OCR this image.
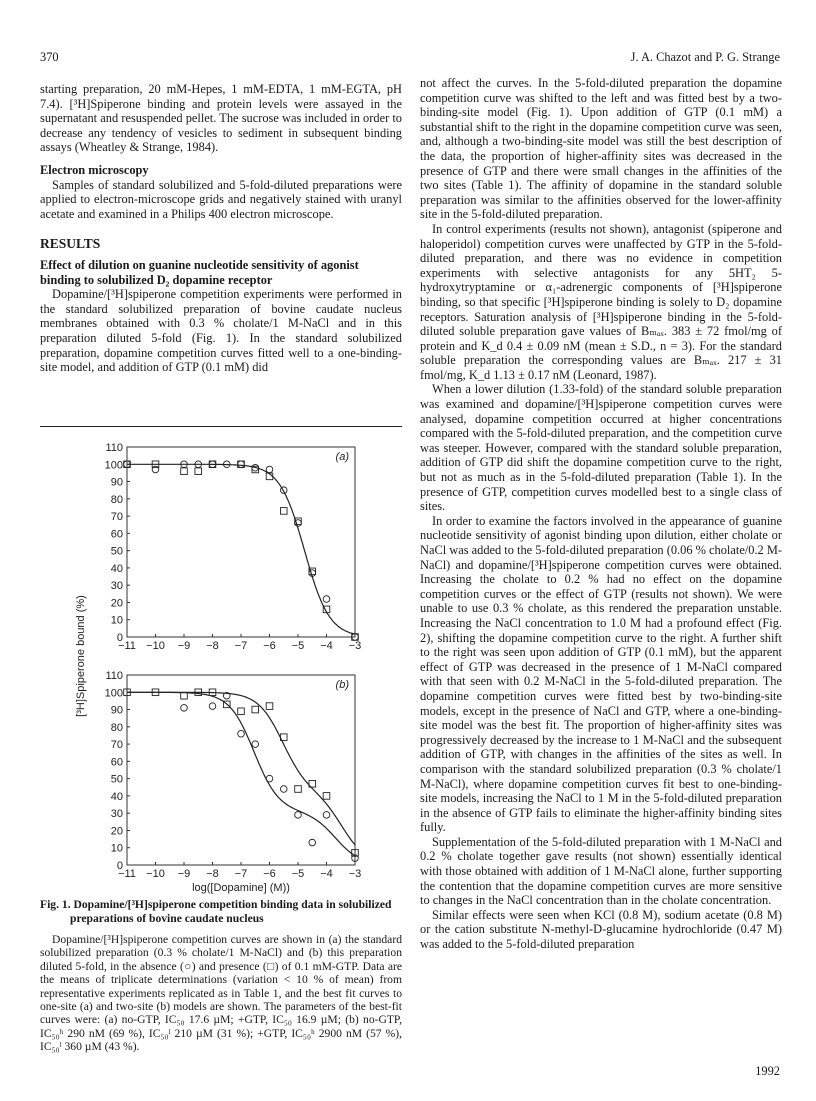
370	J. A. Chazot and P. G. Strange

starting preparation, 20 mM-Hepes, 1 mM-EDTA, 1 mM-EGTA, pH 7.4). [³H]Spiperone binding and protein levels were assayed in the supernatant and resuspended pellet. The sucrose was included in order to decrease any tendency of vesicles to sediment in subsequent binding assays (Wheatley & Strange, 1984).

Electron microscopy

Samples of standard solubilized and 5-fold-diluted preparations were applied to electron-microscope grids and negatively stained with uranyl acetate and examined in a Philips 400 electron microscope.

RESULTS
Effect of dilution on guanine nucleotide sensitivity of agonist binding to solubilized D₂ dopamine receptor

Dopamine/[³H]spiperone competition experiments were performed in the standard solubilized preparation of bovine caudate nucleus membranes obtained with 0.3 % cholate/1 M-NaCl and in this preparation diluted 5-fold (Fig. 1). In the standard solubilized preparation, dopamine competition curves fitted well to a one-binding-site model, and addition of GTP (0.1 mM) did

0
10
20
30
40
50
60
70
80
90
100
110
−11 −10 −9 −8 −7 −6 −5 −4 −3
(a)
0
10
20
30
40
50
60
70
80
90
100
110
−11 −10 −9 −8 −7 −6 −5 −4 −3
(b)
[³H]Spiperone bound (%)
log([Dopamine] (M))
Fig. 1. Dopamine/[³H]spiperone competition binding data in solubilized preparations of bovine caudate nucleus

Dopamine/[³H]spiperone competition curves are shown in (a) the standard solubilized preparation (0.3 % cholate/1 M-NaCl) and (b) this preparation diluted 5-fold, in the absence (○) and presence (□) of 0.1 mM-GTP. Data are the means of triplicate determinations (variation < 10 % of mean) from representative experiments replicated as in Table 1, and the best fit curves to one-site (a) and two-site (b) models are shown. The parameters of the best-fit curves were: (a) no-GTP, IC₅₀ 17.6 µM; +GTP, IC₅₀ 16.9 µM; (b) no-GTP, IC₅₀ʰ 290 nM (69 %), IC₅₀ˡ 210 µM (31 %); +GTP, IC₅₀ʰ 2900 nM (57 %), IC₅₀ˡ 360 µM (43 %).

not affect the curves. In the 5-fold-diluted preparation the dopamine competition curve was shifted to the left and was fitted best by a two-binding-site model (Fig. 1). Upon addition of GTP (0.1 mM) a substantial shift to the right in the dopamine competition curve was seen, and, although a two-binding-site model was still the best description of the data, the proportion of higher-affinity sites was decreased in the presence of GTP and there were small changes in the affinities of the two sites (Table 1). The affinity of dopamine in the standard soluble preparation was similar to the affinities observed for the lower-affinity site in the 5-fold-diluted preparation.

In control experiments (results not shown), antagonist (spiperone and haloperidol) competition curves were unaffected by GTP in the 5-fold-diluted preparation, and there was no evidence in competition experiments with selective antagonists for any 5HT₂ 5-hydroxytryptamine or α₁-adrenergic components of [³H]spiperone binding, so that specific [³H]spiperone binding is solely to D₂ dopamine receptors. Saturation analysis of [³H]spiperone binding in the 5-fold-diluted soluble preparation gave values of Bₘₐₓ. 383 ± 72 fmol/mg of protein and K_d 0.4 ± 0.09 nM (mean ± S.D., n = 3). For the standard soluble preparation the corresponding values are Bₘₐₓ. 217 ± 31 fmol/mg, K_d 1.13 ± 0.17 nM (Leonard, 1987).

When a lower dilution (1.33-fold) of the standard soluble preparation was examined and dopamine/[³H]spiperone competition curves were analysed, dopamine competition occurred at higher concentrations compared with the 5-fold-diluted preparation, and the competition curve was steeper. However, compared with the standard soluble preparation, addition of GTP did shift the dopamine competition curve to the right, but not as much as in the 5-fold-diluted preparation (Table 1). In the presence of GTP, competition curves modelled best to a single class of sites.

In order to examine the factors involved in the appearance of guanine nucleotide sensitivity of agonist binding upon dilution, either cholate or NaCl was added to the 5-fold-diluted preparation (0.06 % cholate/0.2 M-NaCl) and dopamine/[³H]spiperone competition curves were obtained. Increasing the cholate to 0.2 % had no effect on the dopamine competition curves or the effect of GTP (results not shown). We were unable to use 0.3 % cholate, as this rendered the preparation unstable. Increasing the NaCl concentration to 1.0 M had a profound effect (Fig. 2), shifting the dopamine competition curve to the right. A further shift to the right was seen upon addition of GTP (0.1 mM), but the apparent effect of GTP was decreased in the presence of 1 M-NaCl compared with that seen with 0.2 M-NaCl in the 5-fold-diluted preparation. The dopamine competition curves were fitted best by two-binding-site models, except in the presence of NaCl and GTP, where a one-binding-site model was the best fit. The proportion of higher-affinity sites was progressively decreased by the increase to 1 M-NaCl and the subsequent addition of GTP, with changes in the affinities of the sites as well. In comparison with the standard solubilized preparation (0.3 % cholate/1 M-NaCl), where dopamine competition curves fit best to one-binding-site models, increasing the NaCl to 1 M in the 5-fold-diluted preparation in the absence of GTP fails to eliminate the higher-affinity binding sites fully.

Supplementation of the 5-fold-diluted preparation with 1 M-NaCl and 0.2 % cholate together gave results (not shown) essentially identical with those obtained with addition of 1 M-NaCl alone, further supporting the contention that the dopamine competition curves are more sensitive to changes in the NaCl concentration than in the cholate concentration.

Similar effects were seen when KCl (0.8 M), sodium acetate (0.8 M) or the cation substitute N-methyl-D-glucamine hydrochloride (0.47 M) was added to the 5-fold-diluted preparation

1992
